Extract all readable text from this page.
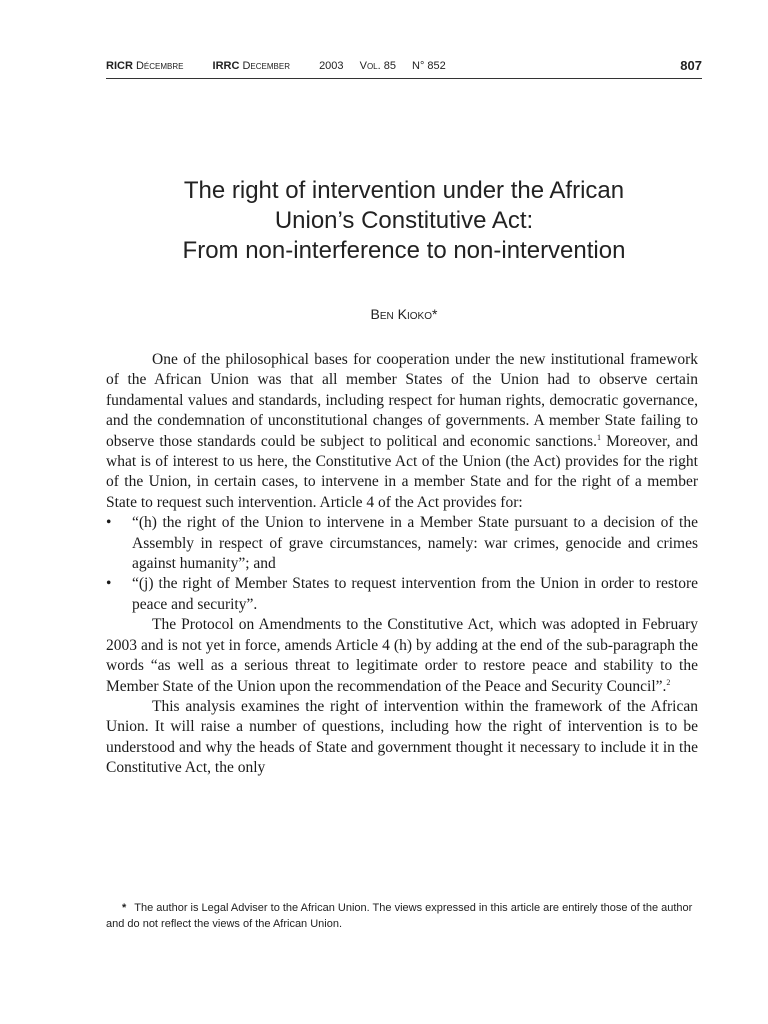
RICR Décembre	IRRC December	2003 Vol. 85 N° 852	807
The right of intervention under the African
Union’s Constitutive Act:
From non-interference to non-intervention
Ben Kioko*

One of the philosophical bases for cooperation under the new institutional framework of the African Union was that all member States of the Union had to observe certain fundamental values and standards, including respect for human rights, democratic governance, and the condemnation of unconstitutional changes of governments. A member State failing to observe those standards could be subject to political and economic sanctions.$^1$ Moreover, and what is of interest to us here, the Constitutive Act of the Union (the Act) provides for the right of the Union, in certain cases, to intervene in a member State and for the right of a member State to request such intervention. Article 4 of the Act provides for:

• “(h) the right of the Union to intervene in a Member State pursuant to a decision of the Assembly in respect of grave circumstances, namely: war crimes, genocide and crimes against humanity”; and
• “(j) the right of Member States to request intervention from the Union in order to restore peace and security”.

The Protocol on Amendments to the Constitutive Act, which was adopted in February 2003 and is not yet in force, amends Article 4 (h) by adding at the end of the sub-paragraph the words “as well as a serious threat to legitimate order to restore peace and stability to the Member State of the Union upon the recommendation of the Peace and Security Council”.$^2$

This analysis examines the right of intervention within the framework of the African Union. It will raise a number of questions, including how the right of intervention is to be understood and why the heads of State and government thought it necessary to include it in the Constitutive Act, the only

* The author is Legal Adviser to the African Union. The views expressed in this article are entirely those of the author and do not reflect the views of the African Union.
